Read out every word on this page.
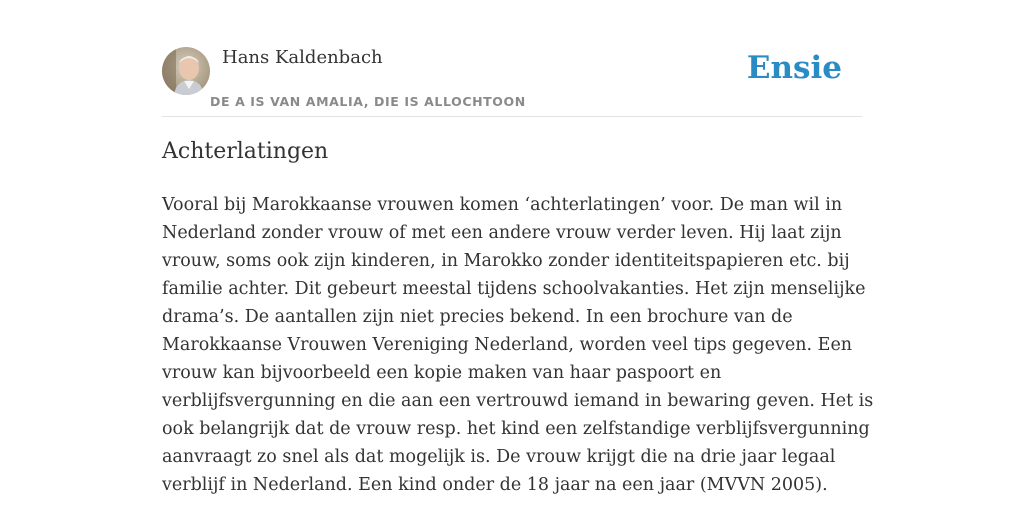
Hans Kaldenbach
DE A IS VAN AMALIA, DIE IS ALLOCHTOON
Ensie
Achterlatingen
Vooral bij Marokkaanse vrouwen komen ‘achterlatingen’ voor. De man wil in
Nederland zonder vrouw of met een andere vrouw verder leven. Hij laat zijn
vrouw, soms ook zijn kinderen, in Marokko zonder identiteitspapieren etc. bij
familie achter. Dit gebeurt meestal tijdens schoolvakanties. Het zijn menselijke
drama’s. De aantallen zijn niet precies bekend. In een brochure van de
Marokkaanse Vrouwen Vereniging Nederland, worden veel tips gegeven. Een
vrouw kan bijvoorbeeld een kopie maken van haar paspoort en
verblijfsvergunning en die aan een vertrouwd iemand in bewaring geven. Het is
ook belangrijk dat de vrouw resp. het kind een zelfstandige verblijfsvergunning
aanvraagt zo snel als dat mogelijk is. De vrouw krijgt die na drie jaar legaal
verblijf in Nederland. Een kind onder de 18 jaar na een jaar (MVVN 2005).
